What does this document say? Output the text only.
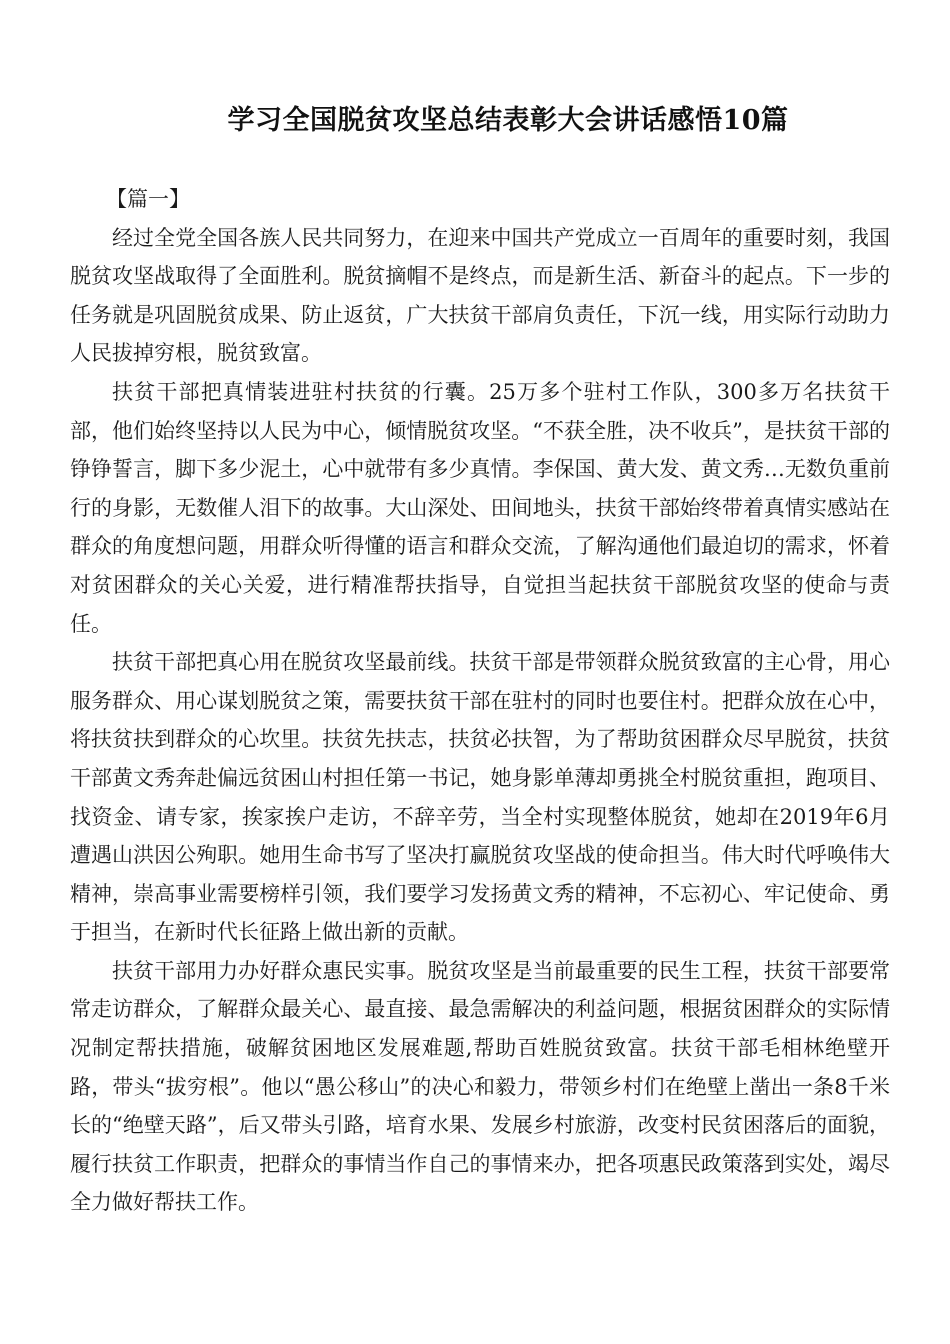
学习全国脱贫攻坚总结表彰大会讲话感悟10篇

【篇一】

经过全党全国各族人民共同努力，在迎来中国共产党成立一百周年的重要时刻，我国脱贫攻坚战取得了全面胜利。脱贫摘帽不是终点，而是新生活、新奋斗的起点。下一步的任务就是巩固脱贫成果、防止返贫，广大扶贫干部肩负责任，下沉一线，用实际行动助力人民拔掉穷根，脱贫致富。

扶贫干部把真情装进驻村扶贫的行囊。25万多个驻村工作队，300多万名扶贫干部，他们始终坚持以人民为中心，倾情脱贫攻坚。“不获全胜，决不收兵”，是扶贫干部的铮铮誓言，脚下多少泥土，心中就带有多少真情。李保国、黄大发、黄文秀…无数负重前行的身影，无数催人泪下的故事。大山深处、田间地头，扶贫干部始终带着真情实感站在群众的角度想问题，用群众听得懂的语言和群众交流，了解沟通他们最迫切的需求，怀着对贫困群众的关心关爱，进行精准帮扶指导，自觉担当起扶贫干部脱贫攻坚的使命与责任。

扶贫干部把真心用在脱贫攻坚最前线。扶贫干部是带领群众脱贫致富的主心骨，用心服务群众、用心谋划脱贫之策，需要扶贫干部在驻村的同时也要住村。把群众放在心中，将扶贫扶到群众的心坎里。扶贫先扶志，扶贫必扶智，为了帮助贫困群众尽早脱贫，扶贫干部黄文秀奔赴偏远贫困山村担任第一书记，她身影单薄却勇挑全村脱贫重担，跑项目、找资金、请专家，挨家挨户走访，不辞辛劳，当全村实现整体脱贫，她却在2019年6月遭遇山洪因公殉职。她用生命书写了坚决打赢脱贫攻坚战的使命担当。伟大时代呼唤伟大精神，崇高事业需要榜样引领，我们要学习发扬黄文秀的精神，不忘初心、牢记使命、勇于担当，在新时代长征路上做出新的贡献。

扶贫干部用力办好群众惠民实事。脱贫攻坚是当前最重要的民生工程，扶贫干部要常常走访群众，了解群众最关心、最直接、最急需解决的利益问题，根据贫困群众的实际情况制定帮扶措施，破解贫困地区发展难题,帮助百姓脱贫致富。扶贫干部毛相林绝壁开路，带头“拔穷根”。他以“愚公移山”的决心和毅力，带领乡村们在绝壁上凿出一条8千米长的“绝壁天路”，后又带头引路，培育水果、发展乡村旅游，改变村民贫困落后的面貌，履行扶贫工作职责，把群众的事情当作自己的事情来办，把各项惠民政策落到实处，竭尽全力做好帮扶工作。
